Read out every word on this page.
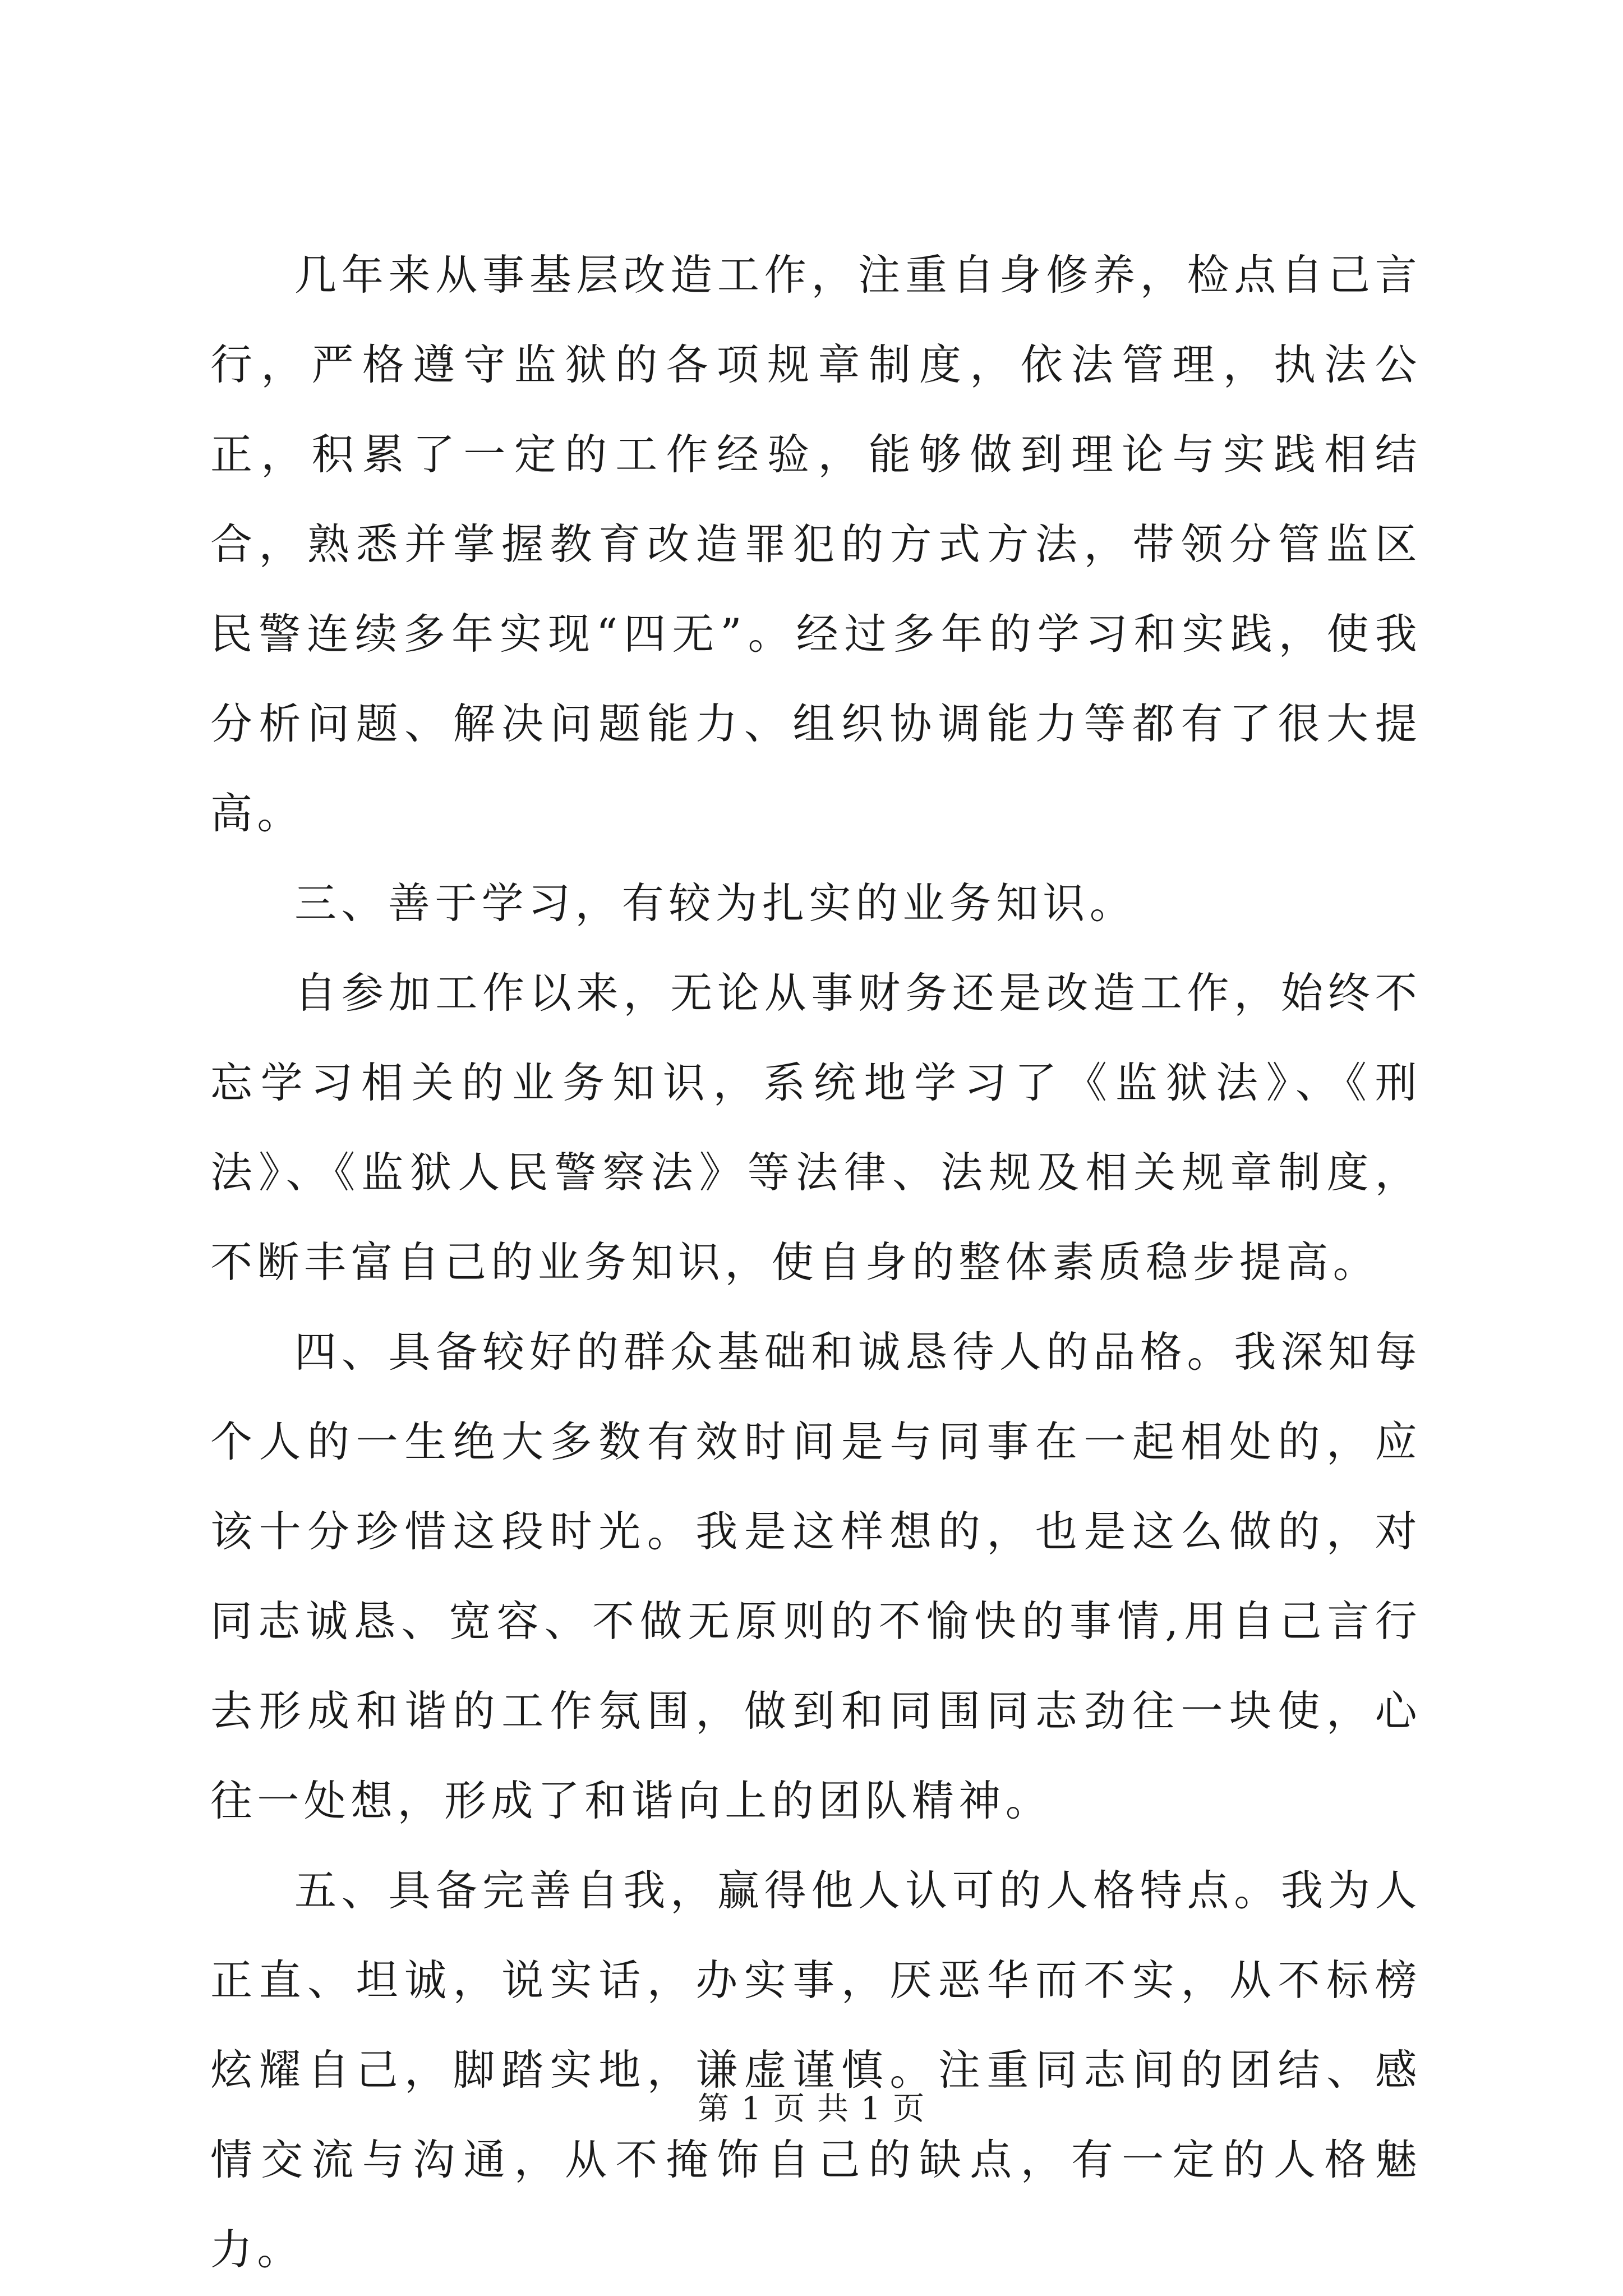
几年来从事基层改造工作，注重自身修养，检点自己言行，严格遵守监狱的各项规章制度，依法管理，执法公正，积累了一定的工作经验，能够做到理论与实践相结合，熟悉并掌握教育改造罪犯的方式方法，带领分管监区民警连续多年实现“四无”。经过多年的学习和实践，使我分析问题、解决问题能力、组织协调能力等都有了很大提高。

三、善于学习，有较为扎实的业务知识。

自参加工作以来，无论从事财务还是改造工作，始终不忘学习相关的业务知识，系统地学习了《监狱法》、《刑法》、《监狱人民警察法》等法律、法规及相关规章制度，不断丰富自己的业务知识，使自身的整体素质稳步提高。

四、具备较好的群众基础和诚恳待人的品格。我深知每个人的一生绝大多数有效时间是与同事在一起相处的，应该十分珍惜这段时光。我是这样想的，也是这么做的，对同志诚恳、宽容、不做无原则的不愉快的事情,用自己言行去形成和谐的工作氛围，做到和同围同志劲往一块使，心往一处想，形成了和谐向上的团队精神。

五、具备完善自我，赢得他人认可的人格特点。我为人正直、坦诚，说实话，办实事，厌恶华而不实，从不标榜炫耀自己，脚踏实地，谦虚谨慎。注重同志间的团结、感情交流与沟通，从不掩饰自己的缺点，有一定的人格魅力。

第 1 页 共 1 页
